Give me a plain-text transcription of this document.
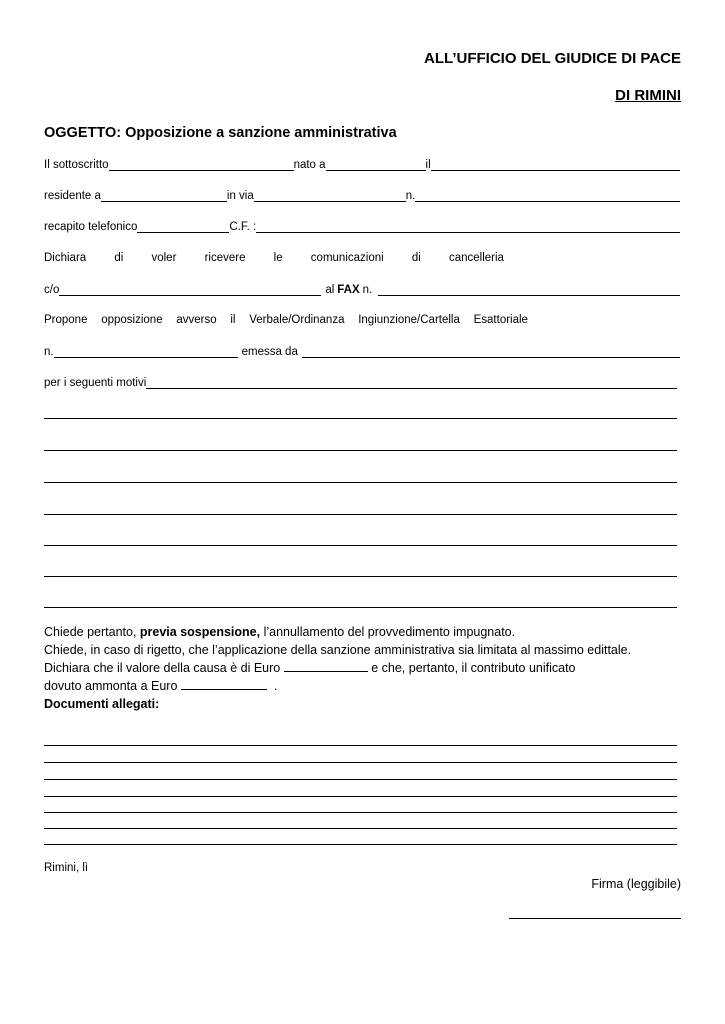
ALL’UFFICIO DEL GIUDICE DI PACE
DI RIMINI
OGGETTO: Opposizione a sanzione amministrativa
Il sottoscritto	nato a	il
residente a	in via	n.
recapito telefonico	C.F. :
Dichiara di voler ricevere le comunicazioni di cancelleria
c/o	al FAX n.
Propone opposizione avverso il Verbale/Ordinanza Ingiunzione/Cartella Esattoriale
n.	emessa da
per i seguenti motivi

Chiede pertanto, previa sospensione, l’annullamento del provvedimento impugnato.

Chiede, in caso di rigetto, che l’applicazione della sanzione amministrativa sia limitata al massimo edittale.

Dichiara che il valore della causa è di Euro	e che, pertanto, il contributo unificato

dovuto ammonta a Euro	.

Documenti allegati:

Rimini, lì
Firma (leggibile)
